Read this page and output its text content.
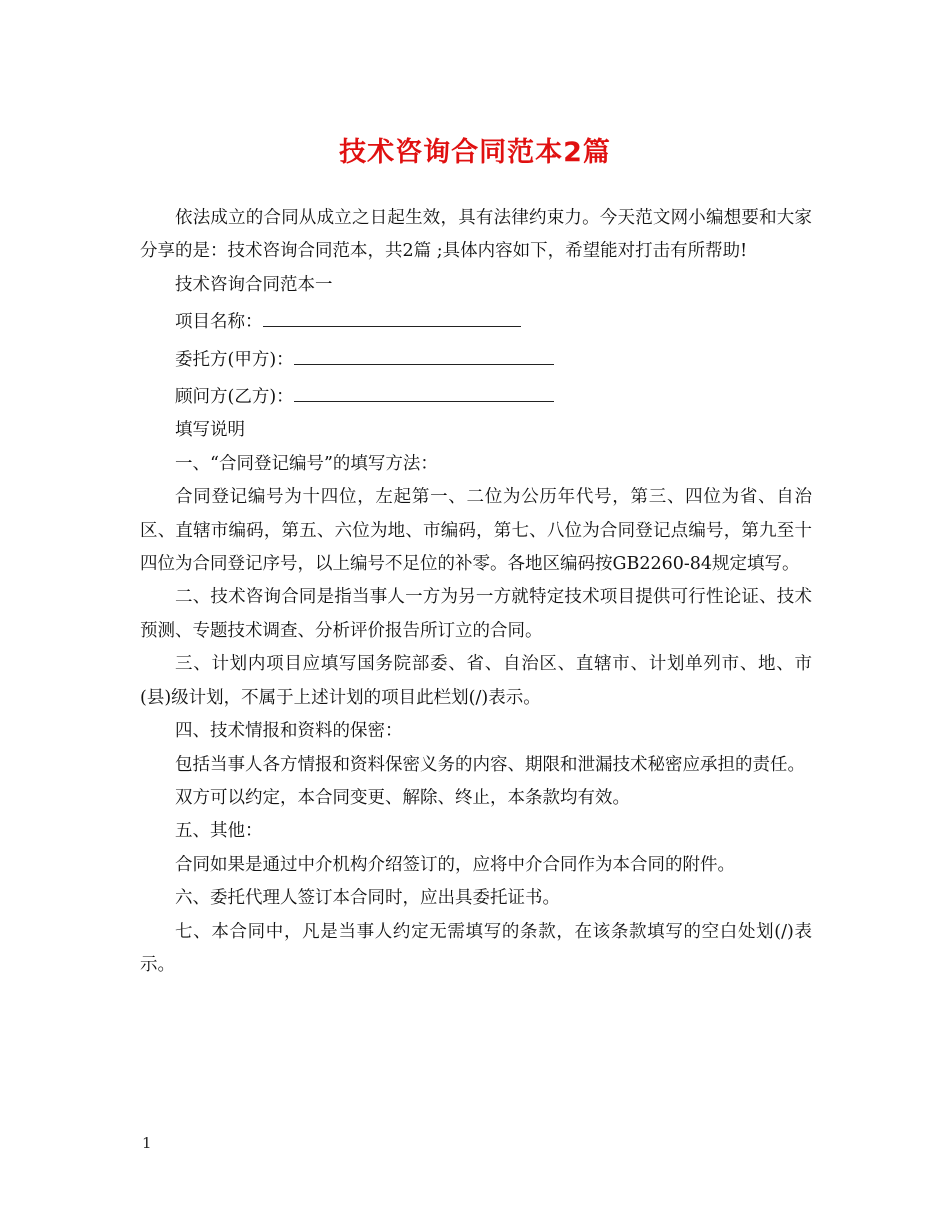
技术咨询合同范本2篇

依法成立的合同从成立之日起生效，具有法律约束力。今天范文网小编想要和大家分享的是：技术咨询合同范本，共2篇 ;具体内容如下，希望能对打击有所帮助!

技术咨询合同范本一

项目名称：

委托方(甲方)：

顾问方(乙方)：

填写说明

一、“合同登记编号”的填写方法：

合同登记编号为十四位，左起第一、二位为公历年代号，第三、四位为省、自治区、直辖市编码，第五、六位为地、市编码，第七、八位为合同登记点编号，第九至十四位为合同登记序号，以上编号不足位的补零。各地区编码按GB2260-84规定填写。

二、技术咨询合同是指当事人一方为另一方就特定技术项目提供可行性论证、技术预测、专题技术调查、分析评价报告所订立的合同。

三、计划内项目应填写国务院部委、省、自治区、直辖市、计划单列市、地、市(县)级计划，不属于上述计划的项目此栏划(/)表示。

四、技术情报和资料的保密：

包括当事人各方情报和资料保密义务的内容、期限和泄漏技术秘密应承担的责任。

双方可以约定，本合同变更、解除、终止，本条款均有效。

五、其他：

合同如果是通过中介机构介绍签订的，应将中介合同作为本合同的附件。

六、委托代理人签订本合同时，应出具委托证书。

七、本合同中，凡是当事人约定无需填写的条款，在该条款填写的空白处划(/)表示。

1
